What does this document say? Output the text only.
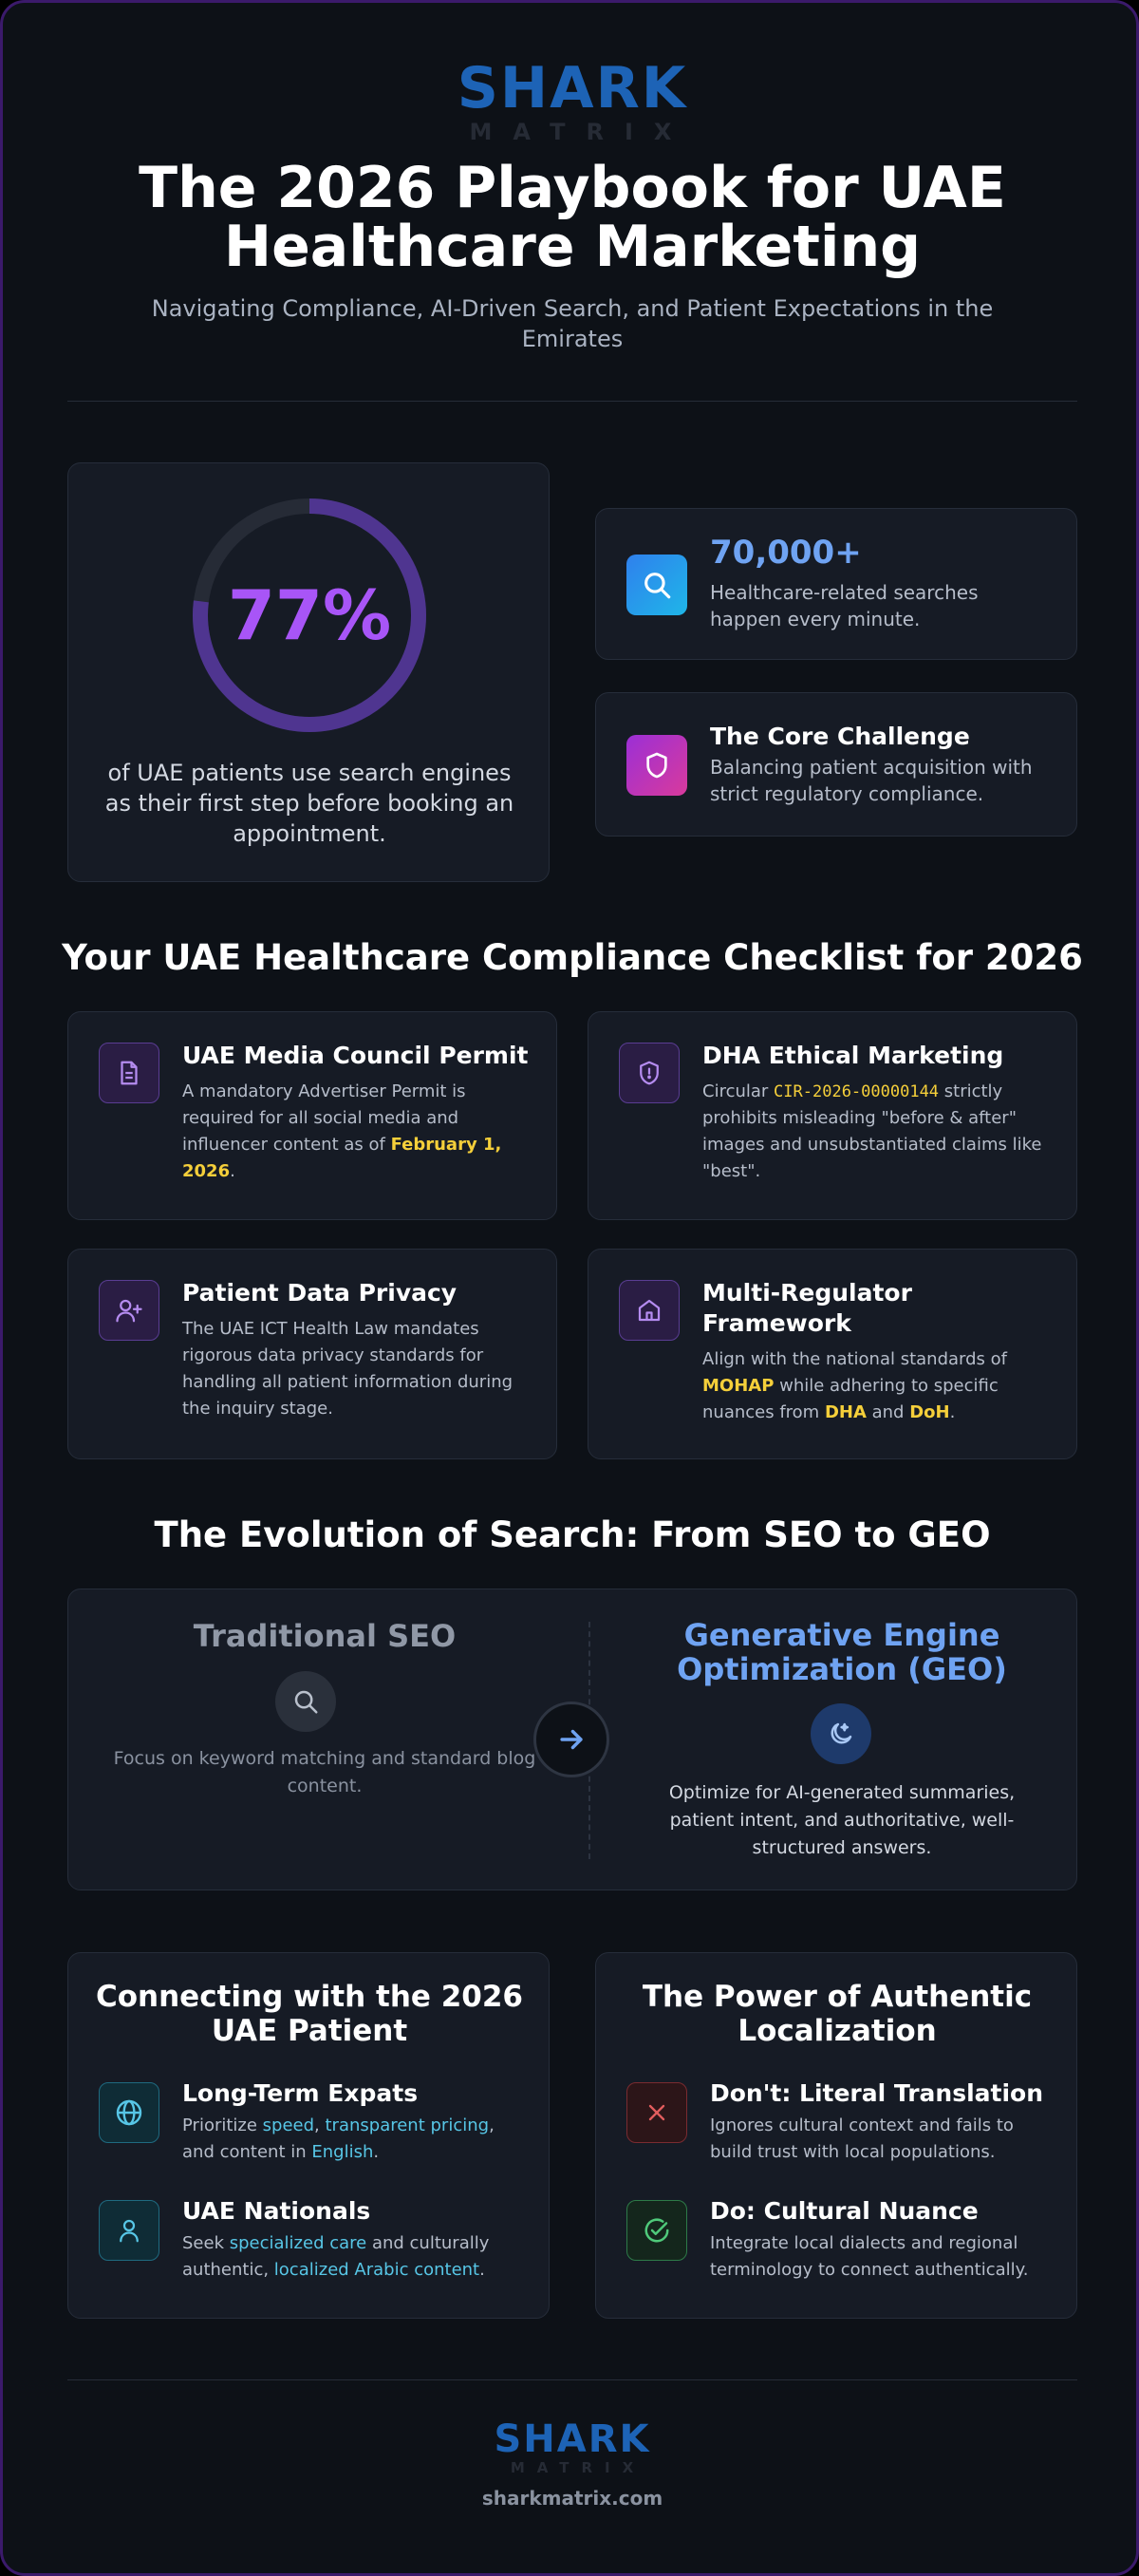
SHARK
MATRIX
The 2026 Playbook for UAE Healthcare Marketing
Navigating Compliance, AI-Driven Search, and Patient Expectations in the Emirates
77%
of UAE patients use search engines as their first step before booking an appointment.
70,000+
Healthcare-related searches happen every minute.
The Core Challenge
Balancing patient acquisition with strict regulatory compliance.
Your UAE Healthcare Compliance Checklist for 2026
UAE Media Council Permit
A mandatory Advertiser Permit is required for all social media and influencer content as of February 1, 2026.
DHA Ethical Marketing
Circular CIR-2026-00000144 strictly prohibits misleading "before & after" images and unsubstantiated claims like "best".
Patient Data Privacy
The UAE ICT Health Law mandates rigorous data privacy standards for handling all patient information during the inquiry stage.
Multi-Regulator Framework
Align with the national standards of MOHAP while adhering to specific nuances from DHA and DoH.
The Evolution of Search: From SEO to GEO
Traditional SEO
Focus on keyword matching and standard blog content.
Generative Engine Optimization (GEO)
Optimize for AI-generated summaries, patient intent, and authoritative, well-structured answers.
Connecting with the 2026 UAE Patient
Long-Term Expats
Prioritize speed, transparent pricing, and content in English.
UAE Nationals
Seek specialized care and culturally authentic, localized Arabic content.
The Power of Authentic Localization
Don't: Literal Translation
Ignores cultural context and fails to build trust with local populations.
Do: Cultural Nuance
Integrate local dialects and regional terminology to connect authentically.
SHARK
MATRIX
sharkmatrix.com
